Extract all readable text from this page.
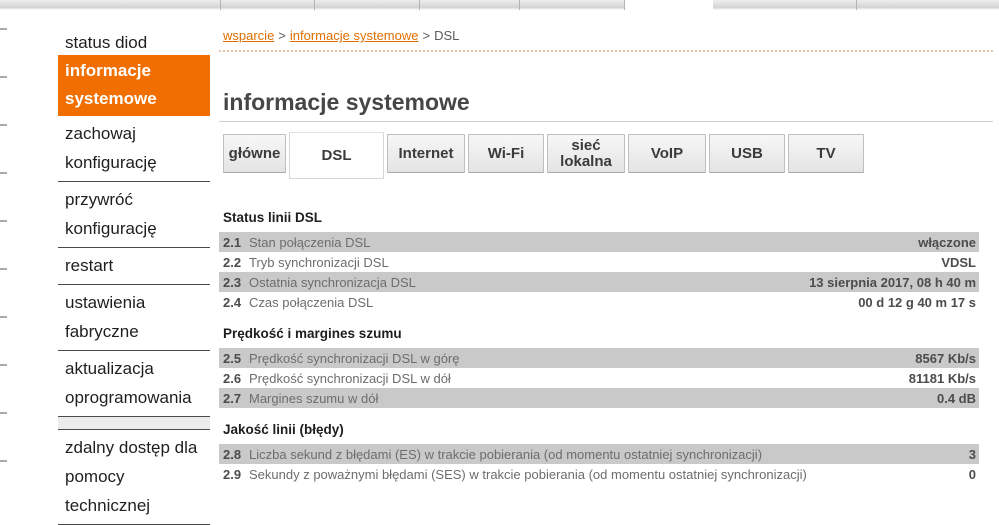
status diod
informacje
systemowe
zachowaj
konfigurację
przywróć
konfigurację
restart
ustawienia
fabryczne
aktualizacja
oprogramowania
zdalny dostęp dla
pomocy
technicznej
wsparcie > informacje systemowe > DSL
informacje systemowe
główne	DSL	Internet	Wi-Fi	sieć
lokalna	VoIP	USB	TV
Status linii DSL
2.1 Stan połączenia DSL	włączone
2.2 Tryb synchronizacji DSL	VDSL
2.3 Ostatnia synchronizacja DSL	13 sierpnia 2017, 08 h 40 m
2.4 Czas połączenia DSL	00 d 12 g 40 m 17 s
Prędkość i margines szumu
2.5 Prędkość synchronizacji DSL w górę	8567 Kb/s
2.6 Prędkość synchronizacji DSL w dół	81181 Kb/s
2.7 Margines szumu w dół	0.4 dB
Jakość linii (błędy)
2.8 Liczba sekund z błędami (ES) w trakcie pobierania (od momentu ostatniej synchronizacji)	3
2.9 Sekundy z poważnymi błędami (SES) w trakcie pobierania (od momentu ostatniej synchronizacji)	0
